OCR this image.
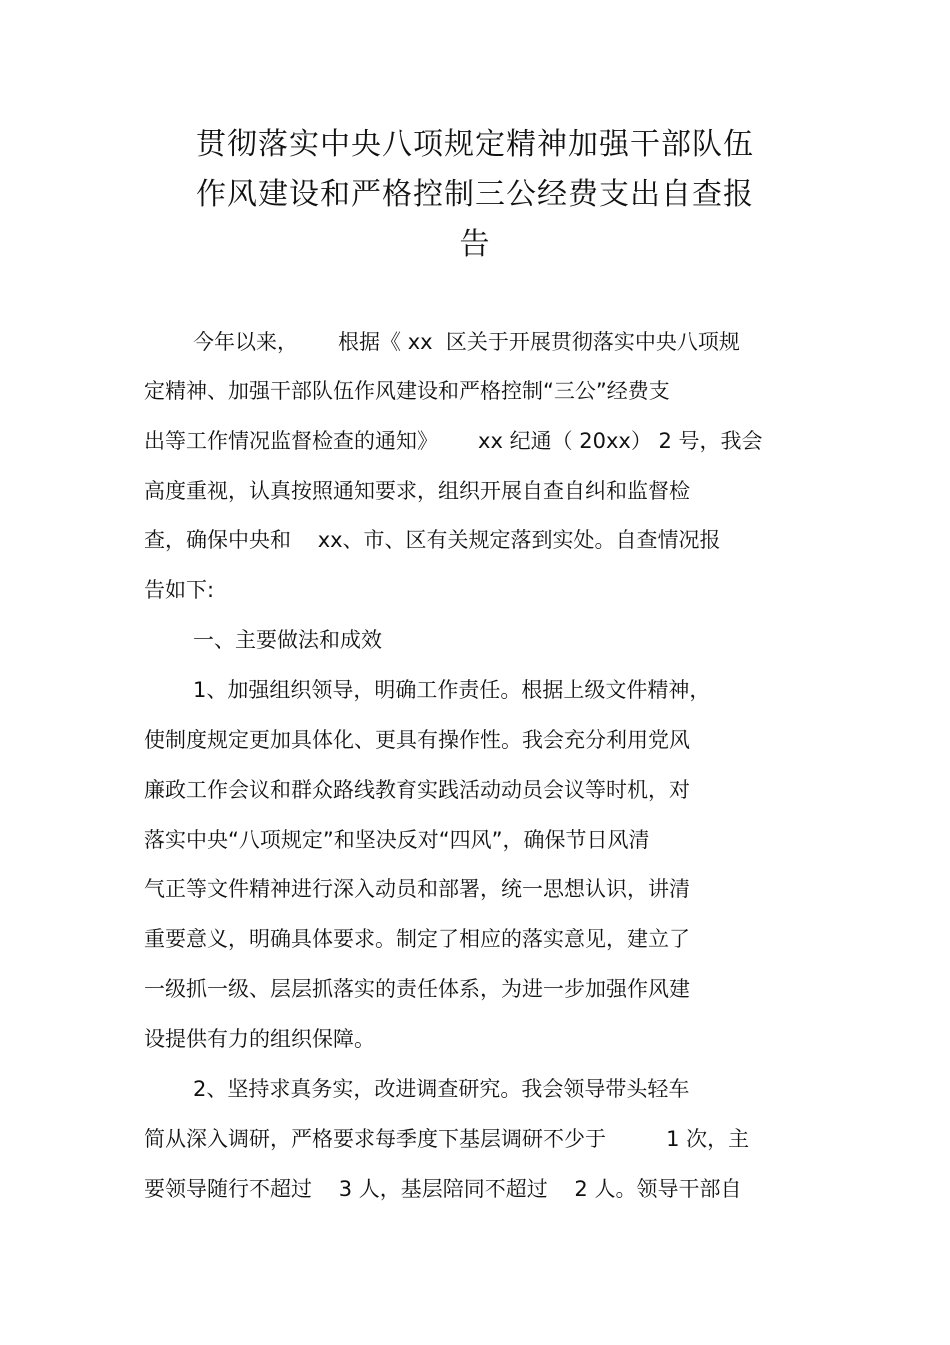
贯彻落实中央八项规定精神加强干部队伍
作风建设和严格控制三公经费支出自查报
告
今年以来，      根据《 xx  区关于开展贯彻落实中央八项规
定精神、加强干部队伍作风建设和严格控制“三公”经费支
出等工作情况监督检查的通知》      xx 纪通（ 20xx） 2 号，我会
高度重视，认真按照通知要求，组织开展自查自纠和监督检
查，确保中央和    xx、市、区有关规定落到实处。自查情况报
告如下:
一、主要做法和成效
1、加强组织领导，明确工作责任。根据上级文件精神，
使制度规定更加具体化、更具有操作性。我会充分利用党风
廉政工作会议和群众路线教育实践活动动员会议等时机，对
落实中央“八项规定”和坚决反对“四风”，确保节日风清
气正等文件精神进行深入动员和部署，统一思想认识，讲清
重要意义，明确具体要求。制定了相应的落实意见，建立了
一级抓一级、层层抓落实的责任体系，为进一步加强作风建
设提供有力的组织保障。
2、坚持求真务实，改进调查研究。我会领导带头轻车
简从深入调研，严格要求每季度下基层调研不少于         1 次，主
要领导随行不超过    3 人，基层陪同不超过    2 人。领导干部自
